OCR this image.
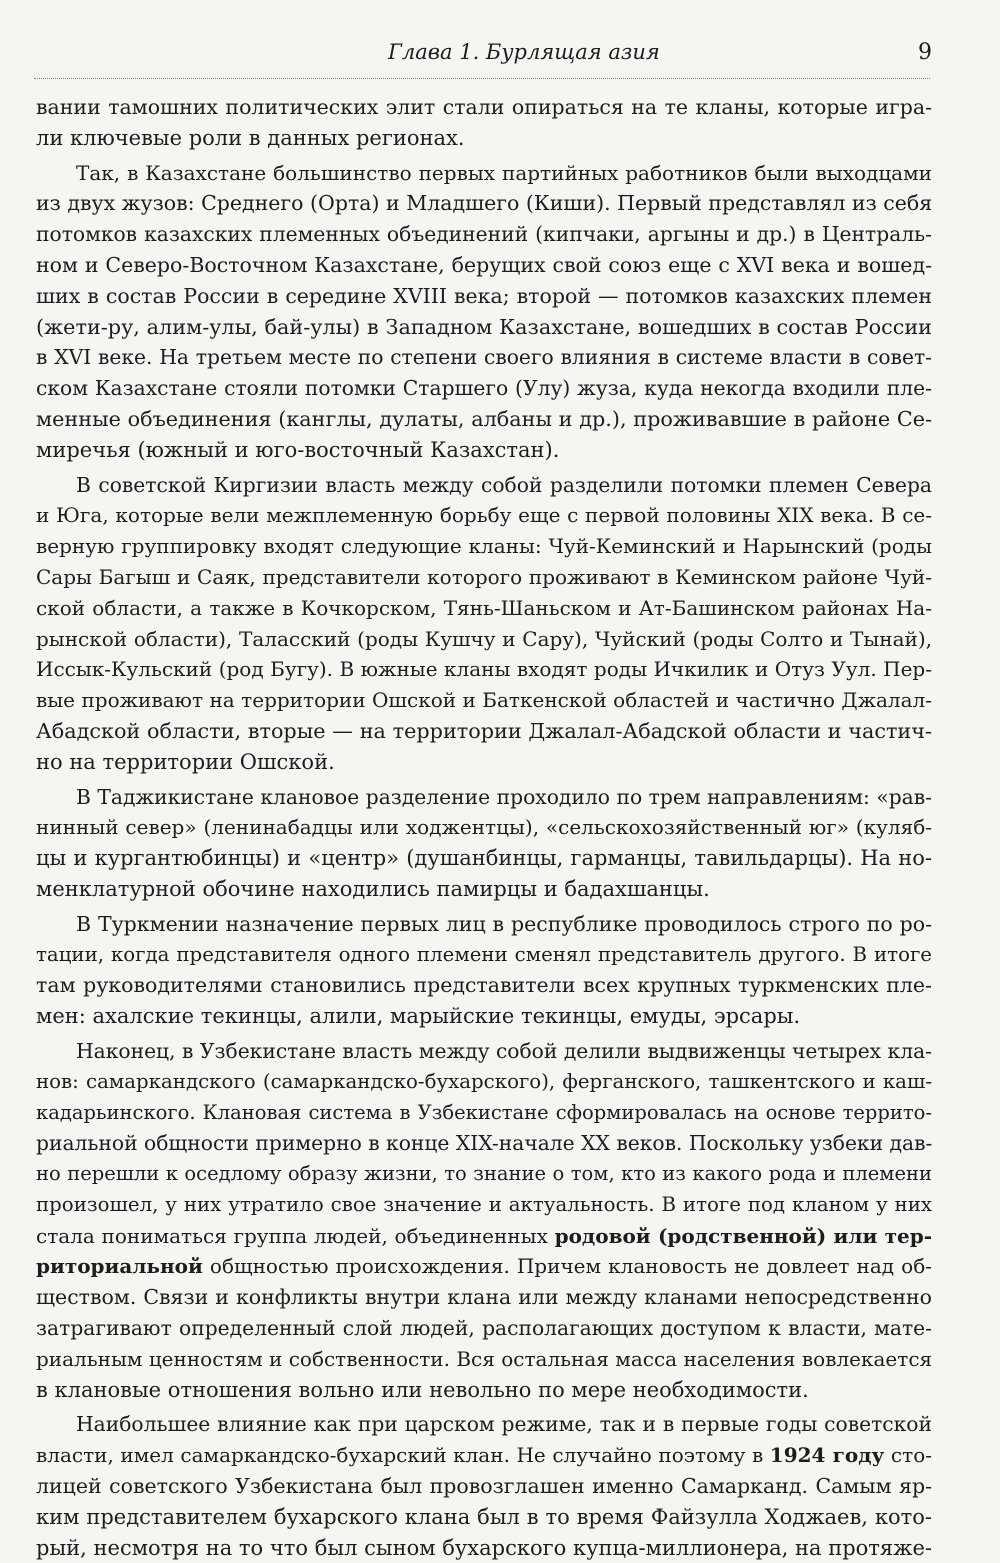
Глава 1. Бурлящая азия	9
вании тамошних политических элит стали опираться на те кланы, которые игра-
ли ключевые роли в данных регионах.
Так, в Казахстане большинство первых партийных работников были выходцами
из двух жузов: Среднего (Орта) и Младшего (Киши). Первый представлял из себя
потомков казахских племенных объединений (кипчаки, аргыны и др.) в Централь-
ном и Северо-Восточном Казахстане, берущих свой союз еще с XVI века и вошед-
ших в состав России в середине XVIII века; второй — потомков казахских племен
(жети-ру, алим-улы, бай-улы) в Западном Казахстане, вошедших в состав России
в XVI веке. На третьем месте по степени своего влияния в системе власти в совет-
ском Казахстане стояли потомки Старшего (Улу) жуза, куда некогда входили пле-
менные объединения (канглы, дулаты, албаны и др.), проживавшие в районе Се-
миречья (южный и юго-восточный Казахстан).
В советской Киргизии власть между собой разделили потомки племен Севера
и Юга, которые вели межплеменную борьбу еще с первой половины XIX века. В се-
верную группировку входят следующие кланы: Чуй-Кеминский и Нарынский (роды
Сары Багыш и Саяк, представители которого проживают в Кеминском районе Чуй-
ской области, а также в Кочкорском, Тянь-Шаньском и Ат-Башинском районах На-
рынской области), Таласский (роды Кушчу и Сару), Чуйский (роды Солто и Тынай),
Иссык-Кульский (род Бугу). В южные кланы входят роды Ичкилик и Отуз Уул. Пер-
вые проживают на территории Ошской и Баткенской областей и частично Джалал-
Абадской области, вторые — на территории Джалал-Абадской области и частич-
но на территории Ошской.
В Таджикистане клановое разделение проходило по трем направлениям: «рав-
нинный север» (ленинабадцы или ходжентцы), «сельскохозяйственный юг» (куляб-
цы и кургантюбинцы) и «центр» (душанбинцы, гарманцы, тавильдарцы). На но-
менклатурной обочине находились памирцы и бадахшанцы.
В Туркмении назначение первых лиц в республике проводилось строго по ро-
тации, когда представителя одного племени сменял представитель другого. В итоге
там руководителями становились представители всех крупных туркменских пле-
мен: ахалские текинцы, алили, марыйские текинцы, емуды, эрсары.
Наконец, в Узбекистане власть между собой делили выдвиженцы четырех кла-
нов: самаркандского (самаркандско-бухарского), ферганского, ташкентского и каш-
кадарьинского. Клановая система в Узбекистане сформировалась на основе террито-
риальной общности примерно в конце XIX-начале XX веков. Поскольку узбеки дав-
но перешли к оседлому образу жизни, то знание о том, кто из какого рода и племени
произошел, у них утратило свое значение и актуальность. В итоге под кланом у них
стала пониматься группа людей, объединенных родовой (родственной) или тер-
риториальной общностью происхождения. Причем клановость не довлеет над об-
ществом. Связи и конфликты внутри клана или между кланами непосредственно
затрагивают определенный слой людей, располагающих доступом к власти, мате-
риальным ценностям и собственности. Вся остальная масса населения вовлекается
в клановые отношения вольно или невольно по мере необходимости.
Наибольшее влияние как при царском режиме, так и в первые годы советской
власти, имел самаркандско-бухарский клан. Не случайно поэтому в 1924 году сто-
лицей советского Узбекистана был провозглашен именно Самарканд. Самым яр-
ким представителем бухарского клана был в то время Файзулла Ходжаев, кото-
рый, несмотря на то что был сыном бухарского купца-миллионера, на протяже-
